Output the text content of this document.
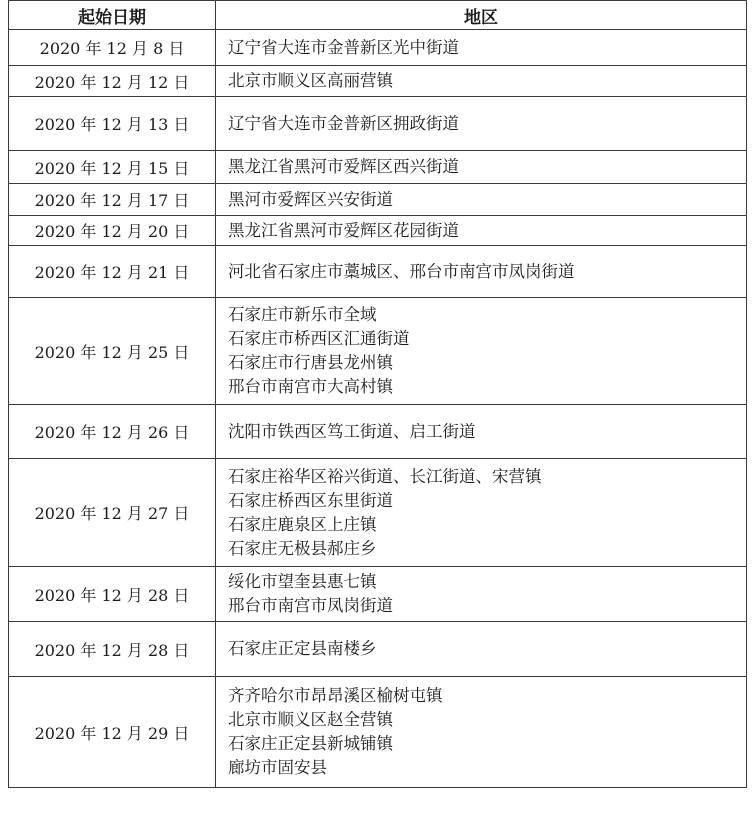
起始日期	地区
2020 年 12 月 8 日	辽宁省大连市金普新区光中街道

2020 年 12 月 12 日	北京市顺义区高丽营镇

2020 年 12 月 13 日	辽宁省大连市金普新区拥政街道

2020 年 12 月 15 日	黑龙江省黑河市爱辉区西兴街道

2020 年 12 月 17 日	黑河市爱辉区兴安街道

2020 年 12 月 20 日	黑龙江省黑河市爱辉区花园街道

2020 年 12 月 21 日	河北省石家庄市藁城区、邢台市南宫市凤岗街道

2020 年 12 月 25 日	石家庄市新乐市全域
石家庄市桥西区汇通街道
石家庄市行唐县龙州镇
邢台市南宫市大高村镇

2020 年 12 月 26 日	沈阳市铁西区笃工街道、启工街道

2020 年 12 月 27 日	石家庄裕华区裕兴街道、长江街道、宋营镇
石家庄桥西区东里街道
石家庄鹿泉区上庄镇
石家庄无极县郝庄乡

2020 年 12 月 28 日	绥化市望奎县惠七镇
邢台市南宫市凤岗街道

2020 年 12 月 28 日	石家庄正定县南楼乡

2020 年 12 月 29 日	齐齐哈尔市昂昂溪区榆树屯镇
北京市顺义区赵全营镇
石家庄正定县新城铺镇
廊坊市固安县
